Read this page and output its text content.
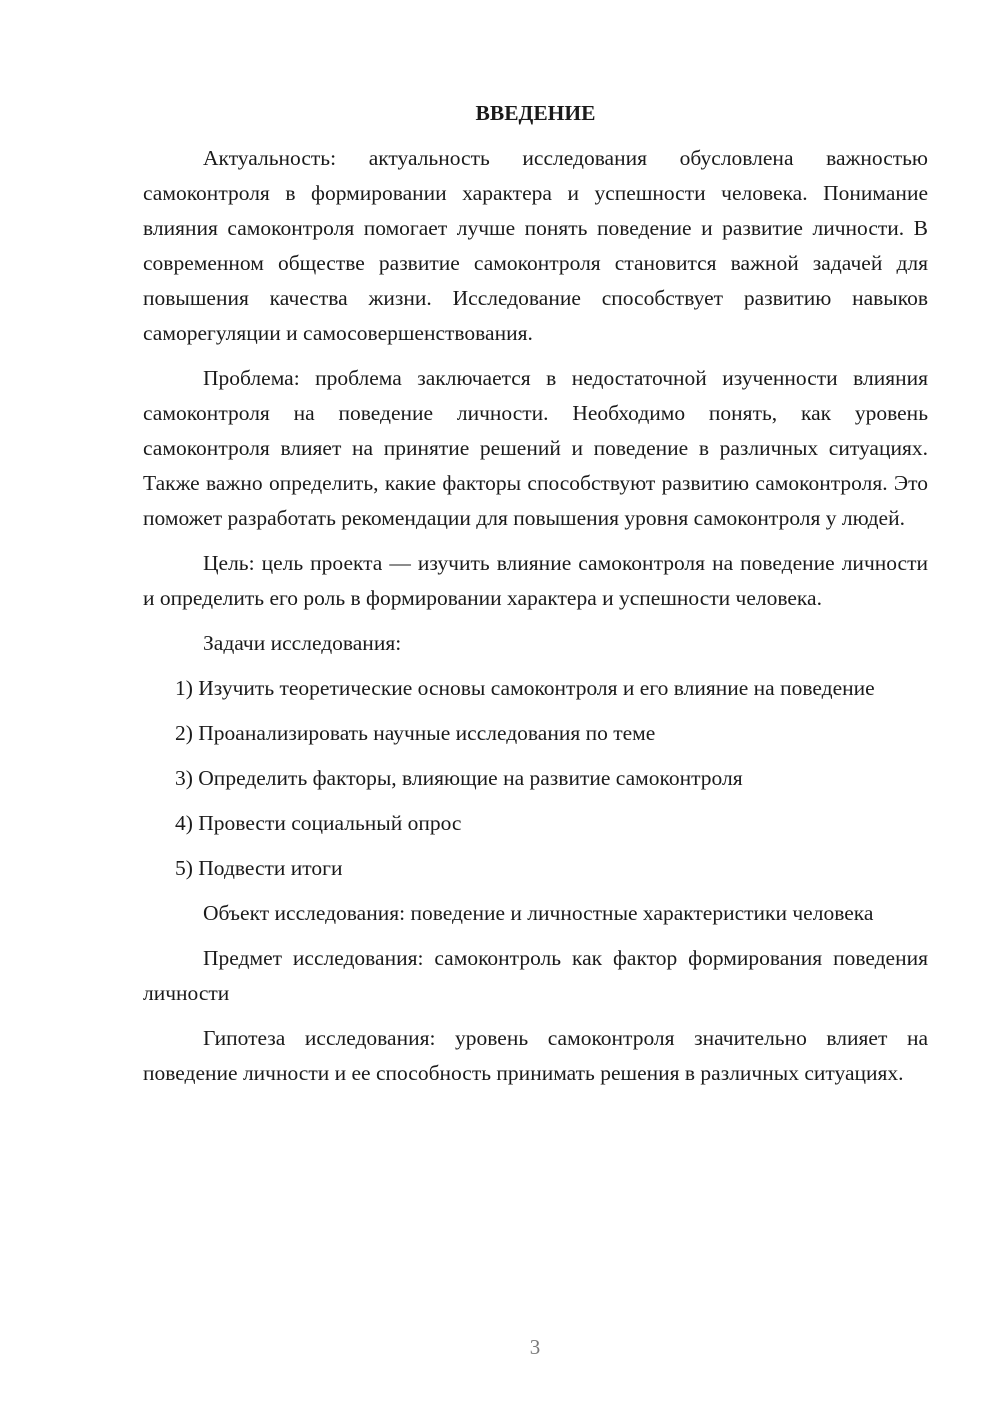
ВВЕДЕНИЕ

Актуальность: актуальность исследования обусловлена важностью самоконтроля в формировании характера и успешности человека. Понимание влияния самоконтроля помогает лучше понять поведение и развитие личности. В современном обществе развитие самоконтроля становится важной задачей для повышения качества жизни. Исследование способствует развитию навыков саморегуляции и самосовершенствования.

Проблема: проблема заключается в недостаточной изученности влияния самоконтроля на поведение личности. Необходимо понять, как уровень самоконтроля влияет на принятие решений и поведение в различных ситуациях. Также важно определить, какие факторы способствуют развитию самоконтроля. Это поможет разработать рекомендации для повышения уровня самоконтроля у людей.

Цель: цель проекта — изучить влияние самоконтроля на поведение личности и определить его роль в формировании характера и успешности человека.

Задачи исследования:

1) Изучить теоретические основы самоконтроля и его влияние на поведение

2) Проанализировать научные исследования по теме

3) Определить факторы, влияющие на развитие самоконтроля

4) Провести социальный опрос

5) Подвести итоги

Объект исследования: поведение и личностные характеристики человека

Предмет исследования: самоконтроль как фактор формирования поведения личности

Гипотеза исследования: уровень самоконтроля значительно влияет на поведение личности и ее способность принимать решения в различных ситуациях.

3
